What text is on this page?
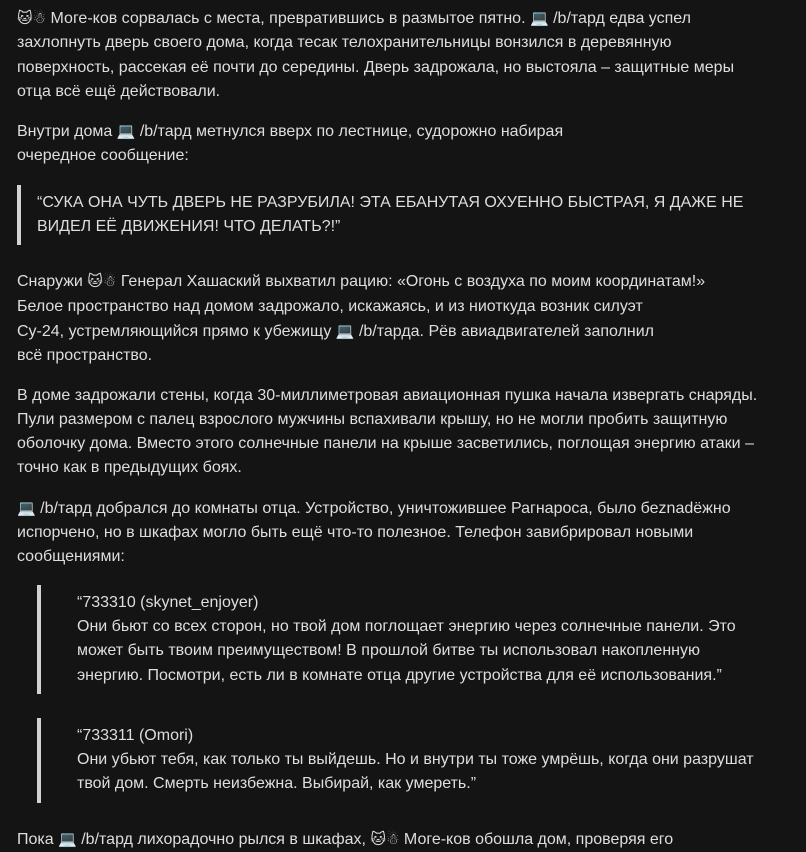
🐱☃ Моге-ков сорвалась с места, превратившись в размытое пятно. 💻 /b/тард едва успел захлопнуть дверь своего дома, когда тесак телохранительницы вонзился в деревянную поверхность, рассекая её почти до середины. Дверь задрожала, но выстояла – защитные меры отца всё ещё действовали.

Внутри дома 💻 /b/тард метнулся вверх по лестнице, судорожно набирая
очередное сообщение:

“СУКА ОНА ЧУТЬ ДВЕРЬ НЕ РАЗРУБИЛА! ЭТА ЕБАНУТАЯ ОХУЕННО БЫСТРАЯ, Я ДАЖЕ НЕ ВИДЕЛ ЕЁ ДВИЖЕНИЯ! ЧТО ДЕЛАТЬ?!”

Снаружи 🐱☃ Генерал Хашаский выхватил рацию: «Огонь с воздуха по моим координатам!»
Белое пространство над домом задрожало, искажаясь, и из ниоткуда возник силуэт
Су-24, устремляющийся прямо к убежищу 💻 /b/тарда. Рёв авиадвигателей заполнил
всё пространство.

В доме задрожали стены, когда 30-миллиметровая авиационная пушка начала извергать снаряды. Пули размером с палец взрослого мужчины вспахивали крышу, но не могли пробить защитную оболочку дома. Вместо этого солнечные панели на крыше засветились, поглощая энергию атаки – точно как в предыдущих боях.

💻 /b/тард добрался до комнаты отца. Устройство, уничтожившее Рагнароса, было беznadёжно испорчено, но в шкафах могло быть ещё что-то полезное. Телефон завибрировал новыми сообщениями:

“733310 (skynet_enjoyer)
Они бьют со всех сторон, но твой дом поглощает энергию через солнечные панели. Это может быть твоим преимуществом! В прошлой битве ты использовал накопленную энергию. Посмотри, есть ли в комнате отца другие устройства для её использования.”
“733311 (Omori)
Они убьют тебя, как только ты выйдешь. Но и внутри ты тоже умрёшь, когда они разрушат твой дом. Смерть неизбежна. Выбирай, как умереть.”

Пока 💻 /b/тард лихорадочно рылся в шкафах, 🐱☃ Моге-ков обошла дом, проверяя его
